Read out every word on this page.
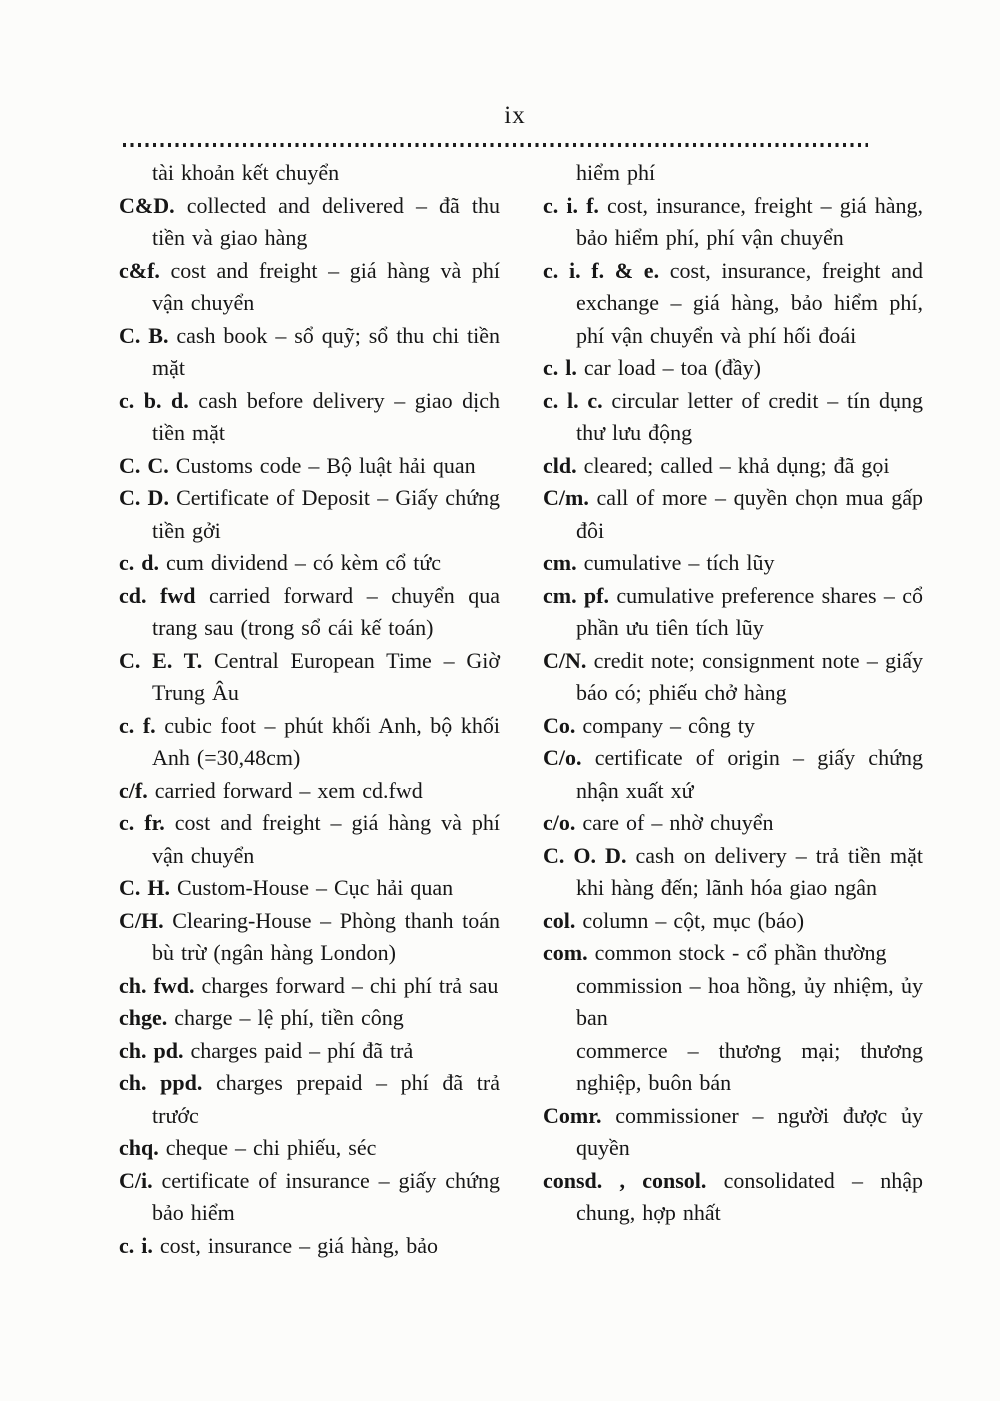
ix

tài khoản kết chuyển

C&D. collected and delivered – đã thu tiền và giao hàng

c&f. cost and freight – giá hàng và phí vận chuyển

C. B. cash book – sổ quỹ; sổ thu chi tiền mặt

c. b. d. cash before delivery – giao dịch tiền mặt

C. C. Customs code – Bộ luật hải quan

C. D. Certificate of Deposit – Giấy chứng tiền gởi

c. d. cum dividend – có kèm cổ tức

cd. fwd carried forward – chuyển qua trang sau (trong sổ cái kế toán)

C. E. T. Central European Time – Giờ Trung Âu

c. f. cubic foot – phút khối Anh, bộ khối Anh (=30,48cm)

c/f. carried forward – xem cd.fwd

c. fr. cost and freight – giá hàng và phí vận chuyển

C. H. Custom-House – Cục hải quan

C/H. Clearing-House – Phòng thanh toán bù trừ (ngân hàng London)

ch. fwd. charges forward – chi phí trả sau

chge. charge – lệ phí, tiền công

ch. pd. charges paid – phí đã trả

ch. ppd. charges prepaid – phí đã trả trước

chq. cheque – chi phiếu, séc

C/i. certificate of insurance – giấy chứng bảo hiểm

c. i. cost, insurance – giá hàng, bảo

hiểm phí

c. i. f. cost, insurance, freight – giá hàng, bảo hiểm phí, phí vận chuyển

c. i. f. & e. cost, insurance, freight and exchange – giá hàng, bảo hiểm phí, phí vận chuyển và phí hối đoái

c. l. car load – toa (đầy)

c. l. c. circular letter of credit – tín dụng thư lưu động

cld. cleared; called – khả dụng; đã gọi

C/m. call of more – quyền chọn mua gấp đôi

cm. cumulative – tích lũy

cm. pf. cumulative preference shares – cổ phần ưu tiên tích lũy

C/N. credit note; consignment note – giấy báo có; phiếu chở hàng

Co. company – công ty

C/o. certificate of origin – giấy chứng nhận xuất xứ

c/o. care of – nhờ chuyển

C. O. D. cash on delivery – trả tiền mặt khi hàng đến; lãnh hóa giao ngân

col. column – cột, mục (báo)

com. common stock - cổ phần thường

commission – hoa hồng, ủy nhiệm, ủy ban

commerce – thương mại; thương nghiệp, buôn bán

Comr. commissioner – người được ủy quyền

consd. , consol. consolidated – nhập chung, hợp nhất
